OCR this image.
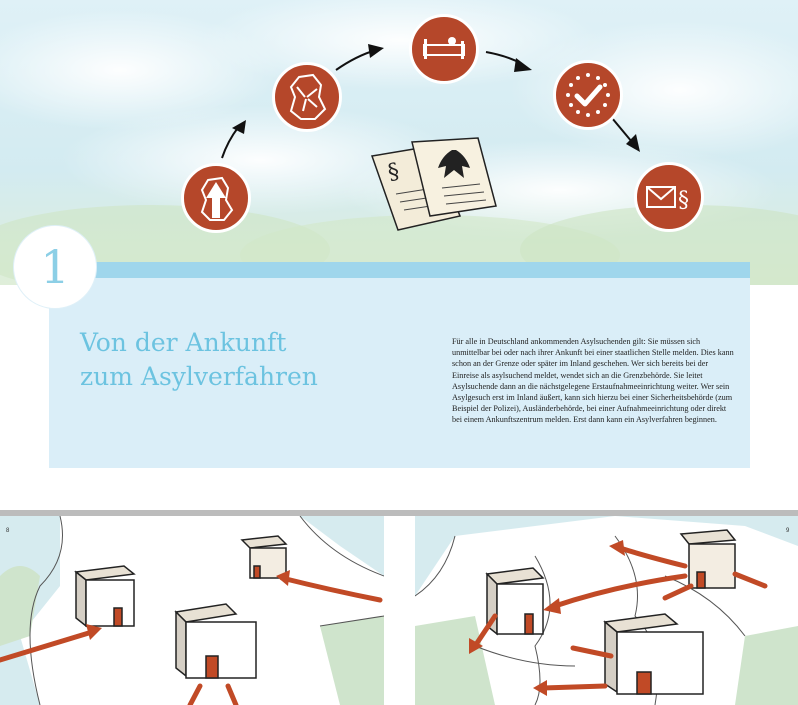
§
§
1
Von der Ankunft
zum Asylverfahren

Für alle in Deutschland ankommenden Asylsuchenden gilt: Sie müssen sich unmittelbar bei oder nach ihrer Ankunft bei einer staatlichen Stelle melden. Dies kann schon an der Grenze oder später im Inland geschehen. Wer sich bereits bei der Einreise als asylsuchend meldet, wendet sich an die Grenzbehörde. Sie leitet Asylsuchende dann an die nächstgelegene Erstaufnahmeeinrichtung weiter. Wer sein Asylgesuch erst im Inland äußert, kann sich hierzu bei einer Sicherheitsbehörde (zum Beispiel der Polizei), Ausländerbehörde, bei einer Aufnahmeeinrichtung oder direkt bei einem Ankunftszentrum melden. Erst dann kann ein Asylverfahren beginnen.

8	9
